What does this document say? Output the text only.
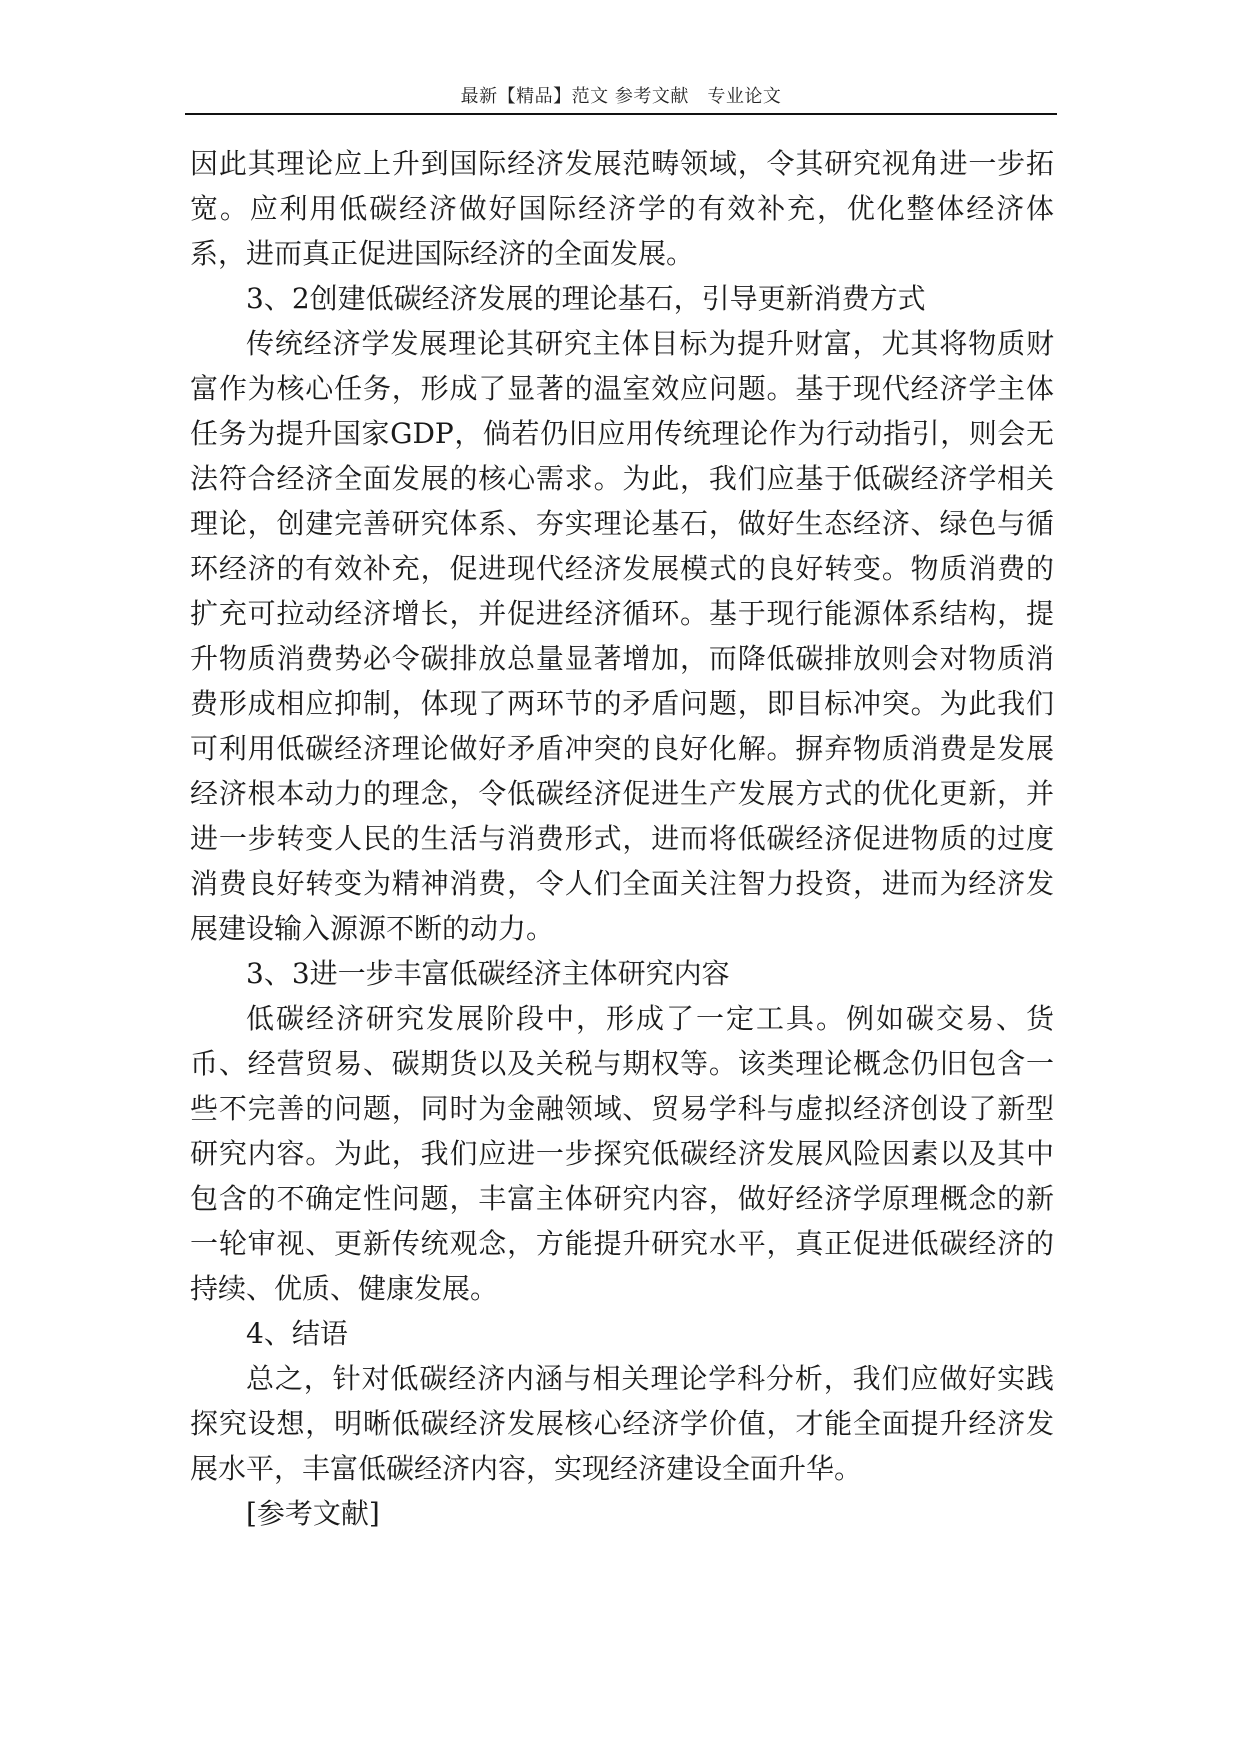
最新【精品】范文 参考文献　专业论文

因此其理论应上升到国际经济发展范畴领域，令其研究视角进一步拓宽。应利用低碳经济做好国际经济学的有效补充，优化整体经济体系，进而真正促进国际经济的全面发展。

3、2创建低碳经济发展的理论基石，引导更新消费方式

传统经济学发展理论其研究主体目标为提升财富，尤其将物质财富作为核心任务，形成了显著的温室效应问题。基于现代经济学主体任务为提升国家GDP，倘若仍旧应用传统理论作为行动指引，则会无法符合经济全面发展的核心需求。为此，我们应基于低碳经济学相关理论，创建完善研究体系、夯实理论基石，做好生态经济、绿色与循环经济的有效补充，促进现代经济发展模式的良好转变。物质消费的扩充可拉动经济增长，并促进经济循环。基于现行能源体系结构，提升物质消费势必令碳排放总量显著增加，而降低碳排放则会对物质消费形成相应抑制，体现了两环节的矛盾问题，即目标冲突。为此我们可利用低碳经济理论做好矛盾冲突的良好化解。摒弃物质消费是发展经济根本动力的理念，令低碳经济促进生产发展方式的优化更新，并进一步转变人民的生活与消费形式，进而将低碳经济促进物质的过度消费良好转变为精神消费，令人们全面关注智力投资，进而为经济发展建设输入源源不断的动力。

3、3进一步丰富低碳经济主体研究内容

低碳经济研究发展阶段中，形成了一定工具。例如碳交易、货币、经营贸易、碳期货以及关税与期权等。该类理论概念仍旧包含一些不完善的问题，同时为金融领域、贸易学科与虚拟经济创设了新型研究内容。为此，我们应进一步探究低碳经济发展风险因素以及其中包含的不确定性问题，丰富主体研究内容，做好经济学原理概念的新一轮审视、更新传统观念，方能提升研究水平，真正促进低碳经济的持续、优质、健康发展。

4、结语

总之，针对低碳经济内涵与相关理论学科分析，我们应做好实践探究设想，明晰低碳经济发展核心经济学价值，才能全面提升经济发展水平，丰富低碳经济内容，实现经济建设全面升华。

[参考文献]
